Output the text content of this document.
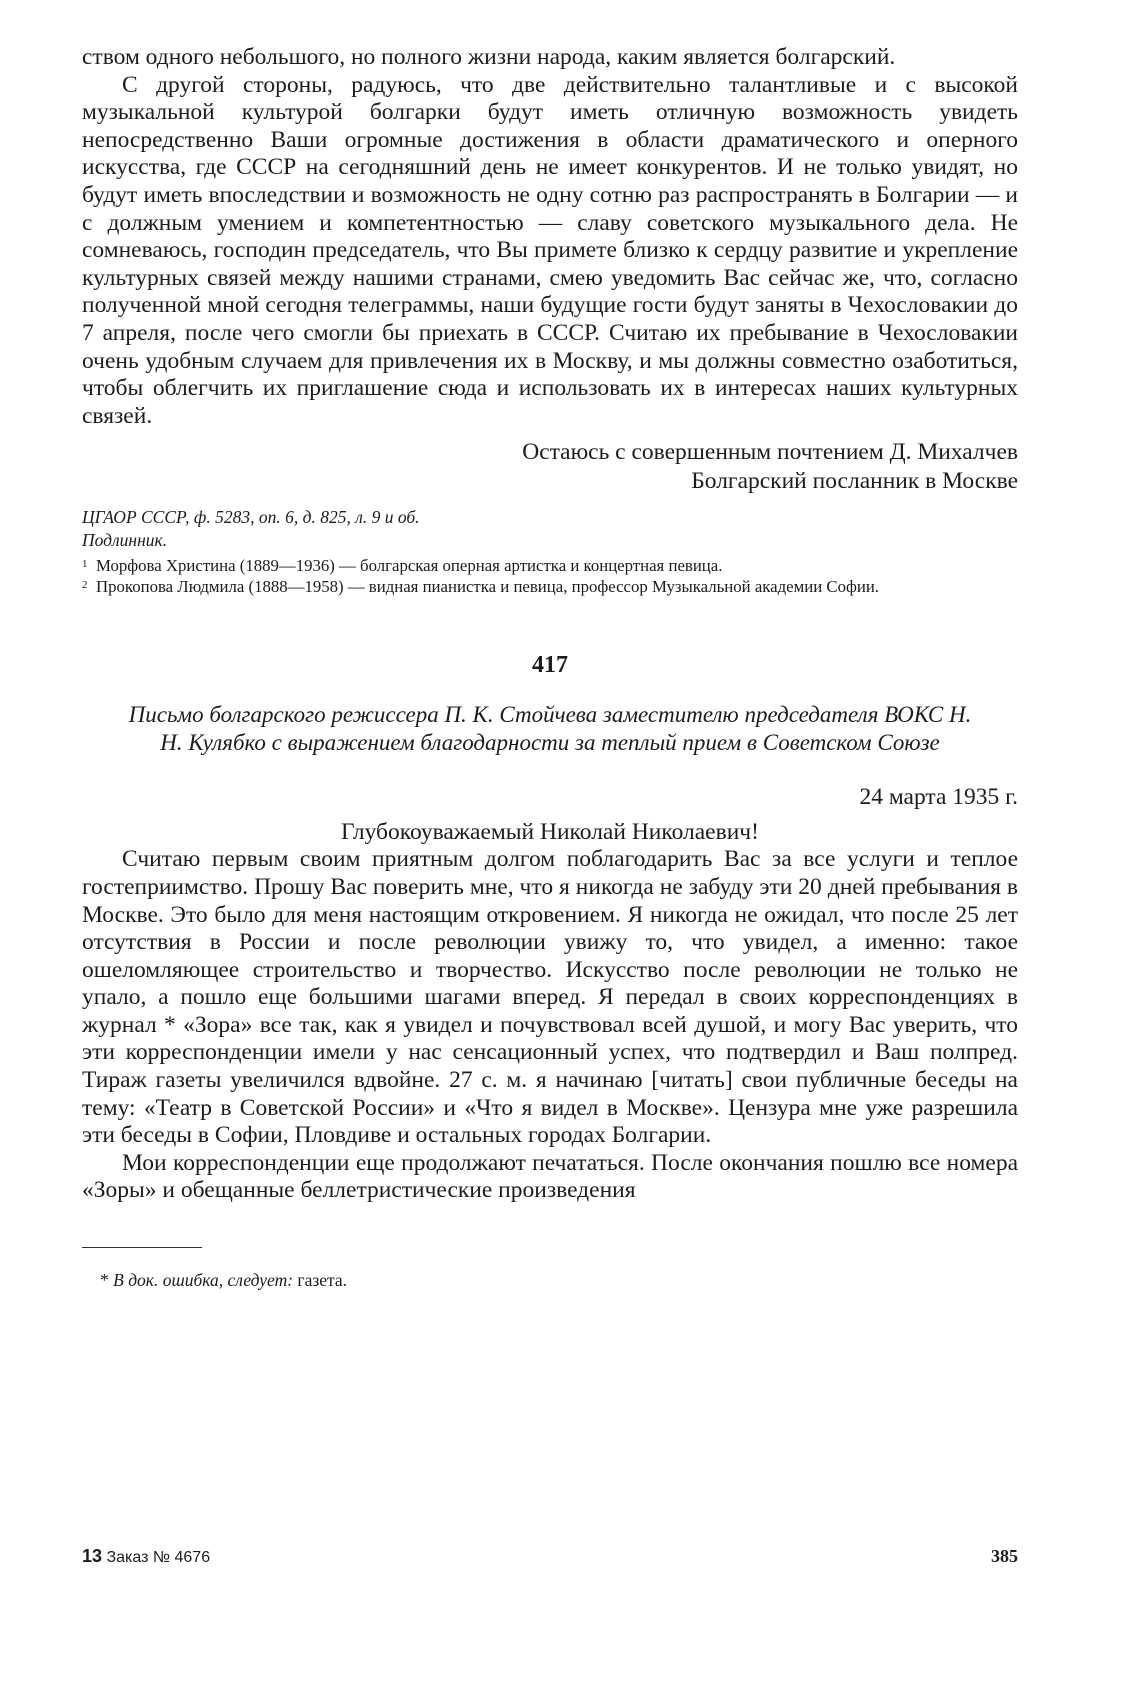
ством одного небольшого, но полного жизни народа, каким является болгарский.

С другой стороны, радуюсь, что две действительно талантливые и с высокой музыкальной культурой болгарки будут иметь отличную возможность увидеть непосредственно Ваши огромные достижения в области драматического и оперного искусства, где СССР на сегодняшний день не имеет конкурентов. И не только увидят, но будут иметь впоследствии и возможность не одну сотню раз распространять в Болгарии — и с должным умением и компетентностью — славу советского музыкального дела. Не сомневаюсь, господин председатель, что Вы примете близко к сердцу развитие и укрепление культурных связей между нашими странами, смею уведомить Вас сейчас же, что, согласно полученной мной сегодня телеграммы, наши будущие гости будут заняты в Чехословакии до 7 апреля, после чего смогли бы приехать в СССР. Считаю их пребывание в Чехословакии очень удобным случаем для привлечения их в Москву, и мы должны совместно озаботиться, чтобы облегчить их приглашение сюда и использовать их в интересах наших культурных связей.

Остаюсь с совершенным почтением Д. Михалчев

Болгарский посланник в Москве

ЦГАОР СССР, ф. 5283, оп. 6, д. 825, л. 9 и об.
Подлинник.
1 Морфова Христина (1889—1936) — болгарская оперная артистка и концертная певица.
2 Прокопова Людмила (1888—1958) — видная пианистка и певица, профессор Музыкальной академии Софии.
417
Письмо болгарского режиссера П. К. Стойчева заместителю председателя ВОКС Н. Н. Кулябко с выражением благодарности за теплый прием в Советском Союзе

24 марта 1935 г.

Глубокоуважаемый Николай Николаевич!

Считаю первым своим приятным долгом поблагодарить Вас за все услуги и теплое гостеприимство. Прошу Вас поверить мне, что я никогда не забуду эти 20 дней пребывания в Москве. Это было для меня настоящим откровением. Я никогда не ожидал, что после 25 лет отсутствия в России и после революции увижу то, что увидел, а именно: такое ошеломляющее строительство и творчество. Искусство после революции не только не упало, а пошло еще большими шагами вперед. Я передал в своих корреспонденциях в журнал * «Зора» все так, как я увидел и почувствовал всей душой, и могу Вас уверить, что эти корреспонденции имели у нас сенсационный успех, что подтвердил и Ваш полпред. Тираж газеты увеличился вдвойне. 27 с. м. я начинаю [читать] свои публичные беседы на тему: «Театр в Советской России» и «Что я видел в Москве». Цензура мне уже разрешила эти беседы в Софии, Пловдиве и остальных городах Болгарии.

Мои корреспонденции еще продолжают печататься. После окончания пошлю все номера «Зоры» и обещанные беллетристические произведения

* В док. ошибка, следует: газета.
13 Заказ № 4676	385
